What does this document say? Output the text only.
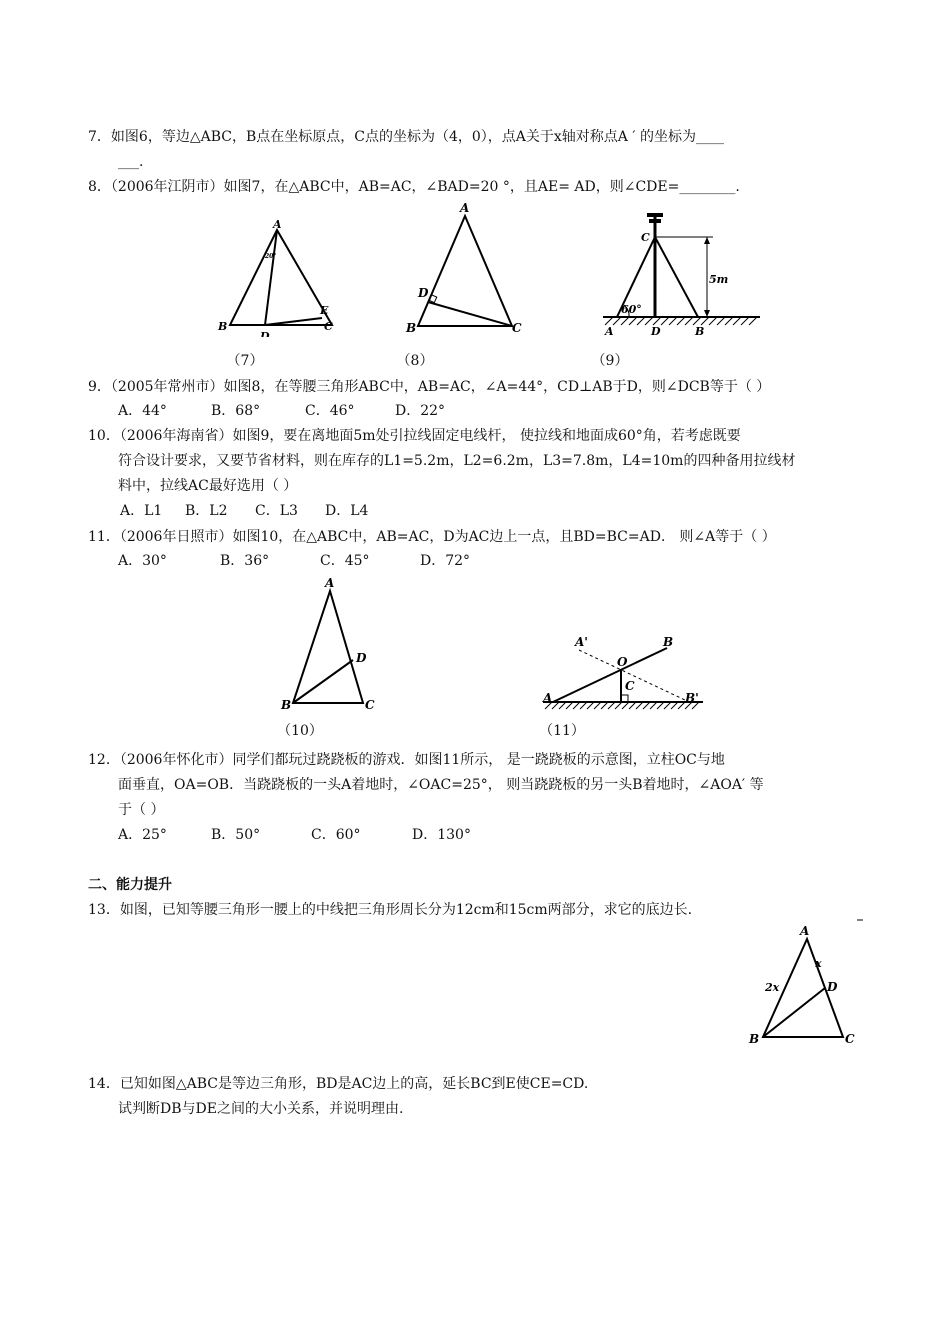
7．如图6，等边△ABC，B点在坐标原点，C点的坐标为（4，0），点A关于x轴对称点A ′ 的坐标为____
___.
8．（2006年江阴市）如图7，在△ABC中，AB=AC，∠BAD=20 °，且AE= AD，则∠CDE=________.
A
20°
B
D
E
C
（7）
A
D
B	C
（8）
C
5m
60°
A	D	B
（9）
9．（2005年常州市）如图8，在等腰三角形ABC中，AB=AC，∠A=44°，CD⊥AB于D，则∠DCB等于（ ）
A．44°	B．68°	C．46°	D．22°
10．（2006年海南省）如图9，要在离地面5m处引拉线固定电线杆， 使拉线和地面成60°角，若考虑既要
符合设计要求，又要节省材料，则在库存的L1=5.2m，L2=6.2m，L3=7.8m，L4=10m的四种备用拉线材
料中，拉线AC最好选用（ ）
A．L1 B．L2 C．L3 D．L4
11．（2006年日照市）如图10，在△ABC中，AB=AC，D为AC边上一点，且BD=BC=AD． 则∠A等于（ ）
A．30°	B．36°	C．45°	D．72°
A
D
B	C
（10）
A'	B
O
C
A	B'
（11）
12．（2006年怀化市）同学们都玩过跷跷板的游戏．如图11所示， 是一跷跷板的示意图，立柱OC与地
面垂直，OA=OB．当跷跷板的一头A着地时，∠OAC=25°， 则当跷跷板的另一头B着地时，∠AOA′ 等
于（ ）
A．25°	B．50°	C．60°	D．130°
二、能力提升
13．如图，已知等腰三角形一腰上的中线把三角形周长分为12cm和15cm两部分，求它的底边长.
A
x
2x	D
B	C
14．已知如图△ABC是等边三角形，BD是AC边上的高，延长BC到E使CE=CD.
试判断DB与DE之间的大小关系，并说明理由.
